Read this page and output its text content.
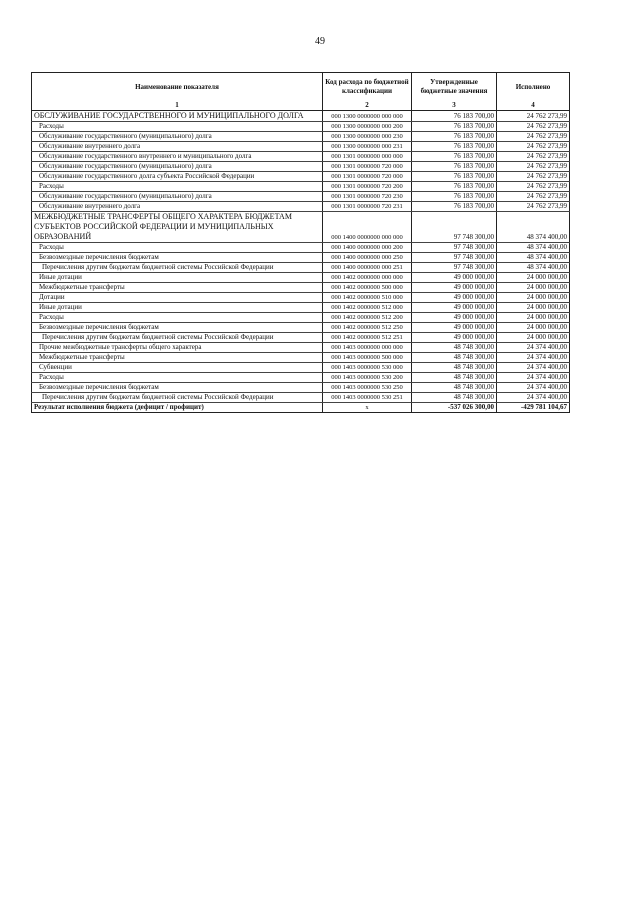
49
Наименование показателя	Код расхода по бюджетной классификации	Утвержденные бюджетные значения	Исполнено
1	2	3	4
ОБСЛУЖИВАНИЕ ГОСУДАРСТВЕННОГО И МУНИЦИПАЛЬНОГО ДОЛГА	000 1300 0000000 000 000	76 183 700,00	24 762 273,99
Расходы	000 1300 0000000 000 200	76 183 700,00	24 762 273,99
Обслуживание государственного (муниципального) долга	000 1300 0000000 000 230	76 183 700,00	24 762 273,99
Обслуживание внутреннего долга	000 1300 0000000 000 231	76 183 700,00	24 762 273,99
Обслуживание государственного внутреннего и муниципального долга	000 1301 0000000 000 000	76 183 700,00	24 762 273,99
Обслуживание государственного (муниципального) долга	000 1301 0000000 720 000	76 183 700,00	24 762 273,99
Обслуживание государственного долга субъекта Российской Федерации	000 1301 0000000 720 000	76 183 700,00	24 762 273,99
Расходы	000 1301 0000000 720 200	76 183 700,00	24 762 273,99
Обслуживание государственного (муниципального) долга	000 1301 0000000 720 230	76 183 700,00	24 762 273,99
Обслуживание внутреннего долга	000 1301 0000000 720 231	76 183 700,00	24 762 273,99
МЕЖБЮДЖЕТНЫЕ ТРАНСФЕРТЫ ОБЩЕГО ХАРАКТЕРА БЮДЖЕТАМ СУБЪЕКТОВ РОССИЙСКОЙ ФЕДЕРАЦИИ И МУНИЦИПАЛЬНЫХ ОБРАЗОВАНИЙ	000 1400 0000000 000 000	97 748 300,00	48 374 400,00
Расходы	000 1400 0000000 000 200	97 748 300,00	48 374 400,00
Безвозмездные перечисления бюджетам	000 1400 0000000 000 250	97 748 300,00	48 374 400,00
Перечисления другим бюджетам бюджетной системы Российской Федерации	000 1400 0000000 000 251	97 748 300,00	48 374 400,00
Иные дотации	000 1402 0000000 000 000	49 000 000,00	24 000 000,00
Межбюджетные трансферты	000 1402 0000000 500 000	49 000 000,00	24 000 000,00
Дотации	000 1402 0000000 510 000	49 000 000,00	24 000 000,00
Иные дотации	000 1402 0000000 512 000	49 000 000,00	24 000 000,00
Расходы	000 1402 0000000 512 200	49 000 000,00	24 000 000,00
Безвозмездные перечисления бюджетам	000 1402 0000000 512 250	49 000 000,00	24 000 000,00
Перечисления другим бюджетам бюджетной системы Российской Федерации	000 1402 0000000 512 251	49 000 000,00	24 000 000,00
Прочие межбюджетные трансферты общего характера	000 1403 0000000 000 000	48 748 300,00	24 374 400,00
Межбюджетные трансферты	000 1403 0000000 500 000	48 748 300,00	24 374 400,00
Субвенции	000 1403 0000000 530 000	48 748 300,00	24 374 400,00
Расходы	000 1403 0000000 530 200	48 748 300,00	24 374 400,00
Безвозмездные перечисления бюджетам	000 1403 0000000 530 250	48 748 300,00	24 374 400,00
Перечисления другим бюджетам бюджетной системы Российской Федерации	000 1403 0000000 530 251	48 748 300,00	24 374 400,00
Результат исполнения бюджета (дефицит / профицит)	x	-537 026 300,00	-429 781 104,67
